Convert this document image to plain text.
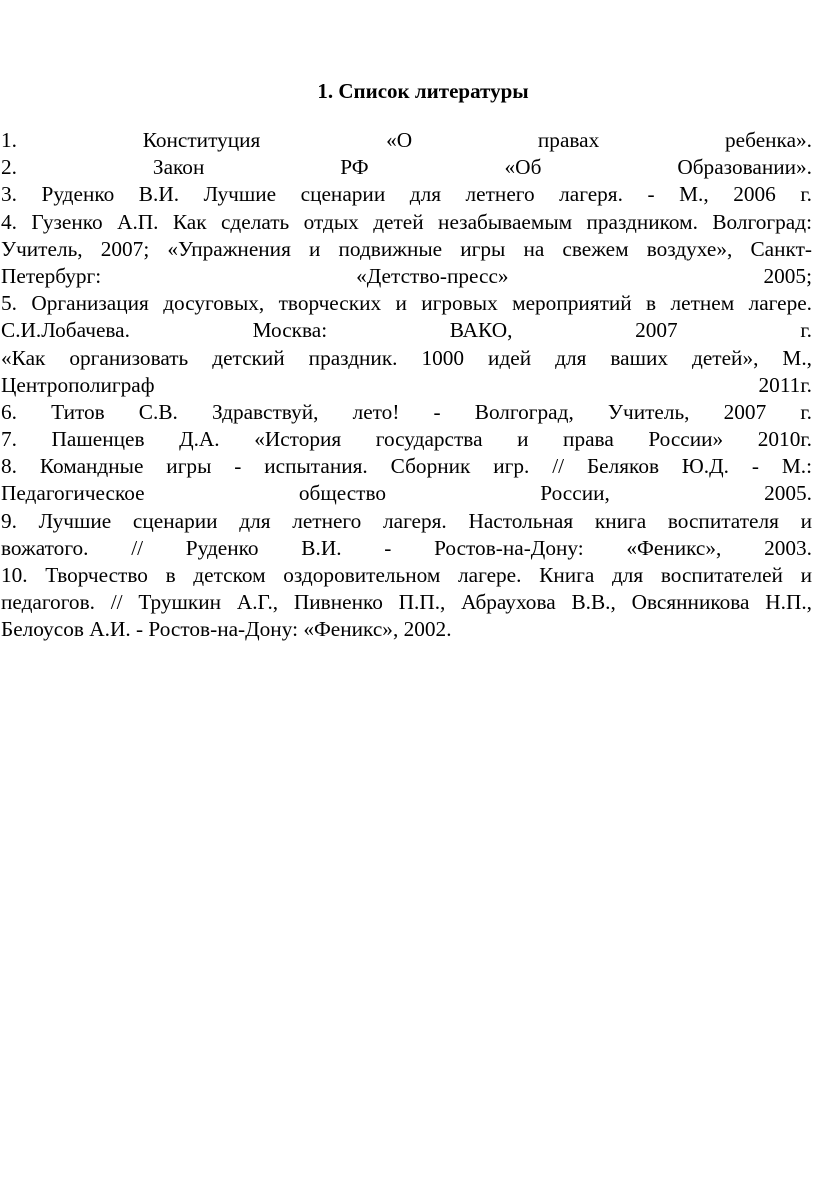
1. Список литературы
1. Конституция «О правах ребенка».
2. Закон РФ «Об Образовании».
3. Руденко В.И. Лучшие сценарии для летнего лагеря. - М., 2006 г.
4. Гузенко А.П. Как сделать отдых детей незабываемым праздником. Волгоград:
Учитель, 2007; «Упражнения и подвижные игры на свежем воздухе», Санкт-
Петербург: «Детство-пресс» 2005;
5. Организация досуговых, творческих и игровых мероприятий в летнем лагере.
С.И.Лобачева. Москва: ВАКО, 2007 г.
«Как организовать детский праздник. 1000 идей для ваших детей», М.,
Центрополиграф 2011г.
6. Титов С.В. Здравствуй, лето! - Волгоград, Учитель, 2007 г.
7. Пашенцев Д.А. «История государства и права России» 2010г.
8. Командные игры - испытания. Сборник игр. // Беляков Ю.Д. - М.:
Педагогическое общество России, 2005.
9. Лучшие сценарии для летнего лагеря. Настольная книга воспитателя и
вожатого. // Руденко В.И. - Ростов-на-Дону: «Феникс», 2003.
10. Творчество в детском оздоровительном лагере. Книга для воспитателей и
педагогов. // Трушкин А.Г., Пивненко П.П., Абраухова В.В., Овсянникова Н.П.,
Белоусов А.И. - Ростов-на-Дону: «Феникс», 2002.
